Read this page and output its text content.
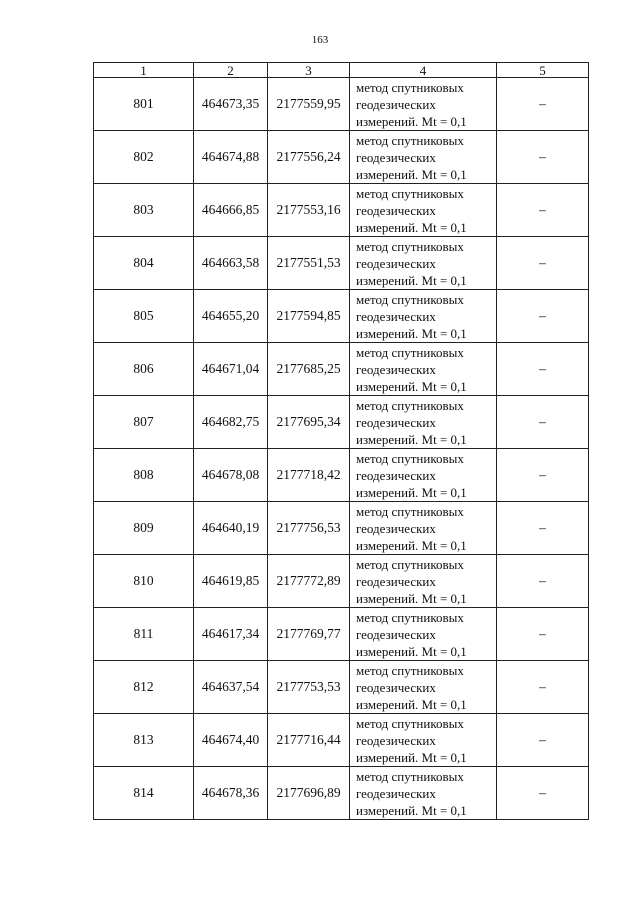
163
1	2	3	4	5
801	464673,35	2177559,95	метод спутниковых
геодезических
измерений. Mt = 0,1	–
802	464674,88	2177556,24	метод спутниковых
геодезических
измерений. Mt = 0,1	–
803	464666,85	2177553,16	метод спутниковых
геодезических
измерений. Mt = 0,1	–
804	464663,58	2177551,53	метод спутниковых
геодезических
измерений. Mt = 0,1	–
805	464655,20	2177594,85	метод спутниковых
геодезических
измерений. Mt = 0,1	–
806	464671,04	2177685,25	метод спутниковых
геодезических
измерений. Mt = 0,1	–
807	464682,75	2177695,34	метод спутниковых
геодезических
измерений. Mt = 0,1	–
808	464678,08	2177718,42	метод спутниковых
геодезических
измерений. Mt = 0,1	–
809	464640,19	2177756,53	метод спутниковых
геодезических
измерений. Mt = 0,1	–
810	464619,85	2177772,89	метод спутниковых
геодезических
измерений. Mt = 0,1	–
811	464617,34	2177769,77	метод спутниковых
геодезических
измерений. Mt = 0,1	–
812	464637,54	2177753,53	метод спутниковых
геодезических
измерений. Mt = 0,1	–
813	464674,40	2177716,44	метод спутниковых
геодезических
измерений. Mt = 0,1	–
814	464678,36	2177696,89	метод спутниковых
геодезических
измерений. Mt = 0,1	–
